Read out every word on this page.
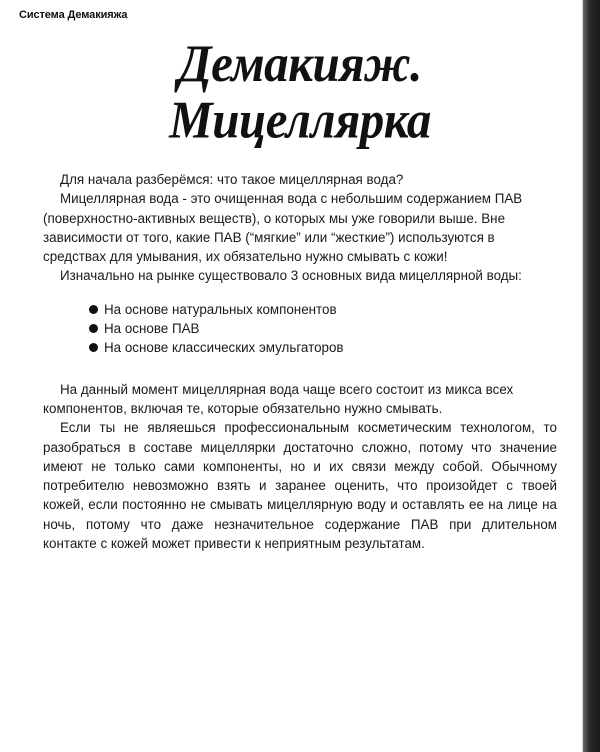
Система Демакияжа
Демакияж.
Мицеллярка

Для начала разберёмся: что такое мицеллярная вода?

Мицеллярная вода - это очищенная вода с небольшим содержанием ПАВ (поверхностно-активных веществ), о которых мы уже говорили выше. Вне зависимости от того, какие ПАВ (“мягкие” или “жесткие”) используются в средствах для умывания, их обязательно нужно смывать с кожи!

Изначально на рынке существовало 3 основных вида мицеллярной воды:

На основе натуральных компонентов
На основе ПАВ
На основе классических эмульгаторов

На данный момент мицеллярная вода чаще всего состоит из микса всех компонентов, включая те, которые обязательно нужно смывать.

Если ты не являешься профессиональным косметическим технологом, то разобраться в составе мицеллярки достаточно сложно, потому что значение имеют не только сами компоненты, но и их связи между собой. Обычному потребителю невозможно взять и заранее оценить, что произойдет с твоей кожей, если постоянно не смывать мицеллярную воду и оставлять ее на лице на ночь, потому что даже незначительное содержание ПАВ при длительном контакте с кожей может привести к неприятным результатам.
